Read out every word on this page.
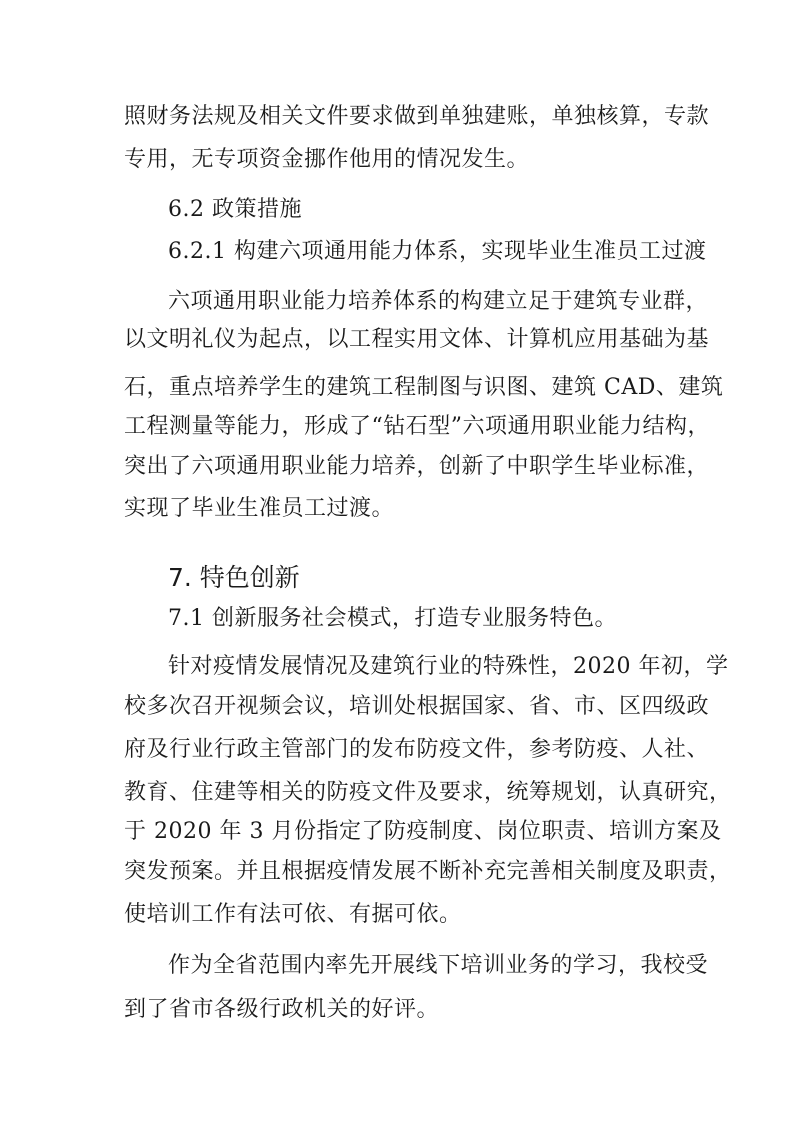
照财务法规及相关文件要求做到单独建账，单独核算，专款
专用，无专项资金挪作他用的情况发生。
6.2 政策措施
6.2.1 构建六项通用能力体系，实现毕业生准员工过渡
六项通用职业能力培养体系的构建立足于建筑专业群，
以文明礼仪为起点，以工程实用文体、计算机应用基础为基
石，重点培养学生的建筑工程制图与识图、建筑 CAD、建筑
工程测量等能力，形成了“钻石型”六项通用职业能力结构，
突出了六项通用职业能力培养，创新了中职学生毕业标准，
实现了毕业生准员工过渡。
7. 特色创新
7.1 创新服务社会模式，打造专业服务特色。
针对疫情发展情况及建筑行业的特殊性，2020 年初，学
校多次召开视频会议，培训处根据国家、省、市、区四级政
府及行业行政主管部门的发布防疫文件，参考防疫、人社、
教育、住建等相关的防疫文件及要求，统筹规划，认真研究，
于 2020 年 3 月份指定了防疫制度、岗位职责、培训方案及
突发预案。并且根据疫情发展不断补充完善相关制度及职责，
使培训工作有法可依、有据可依。
作为全省范围内率先开展线下培训业务的学习，我校受
到了省市各级行政机关的好评。
